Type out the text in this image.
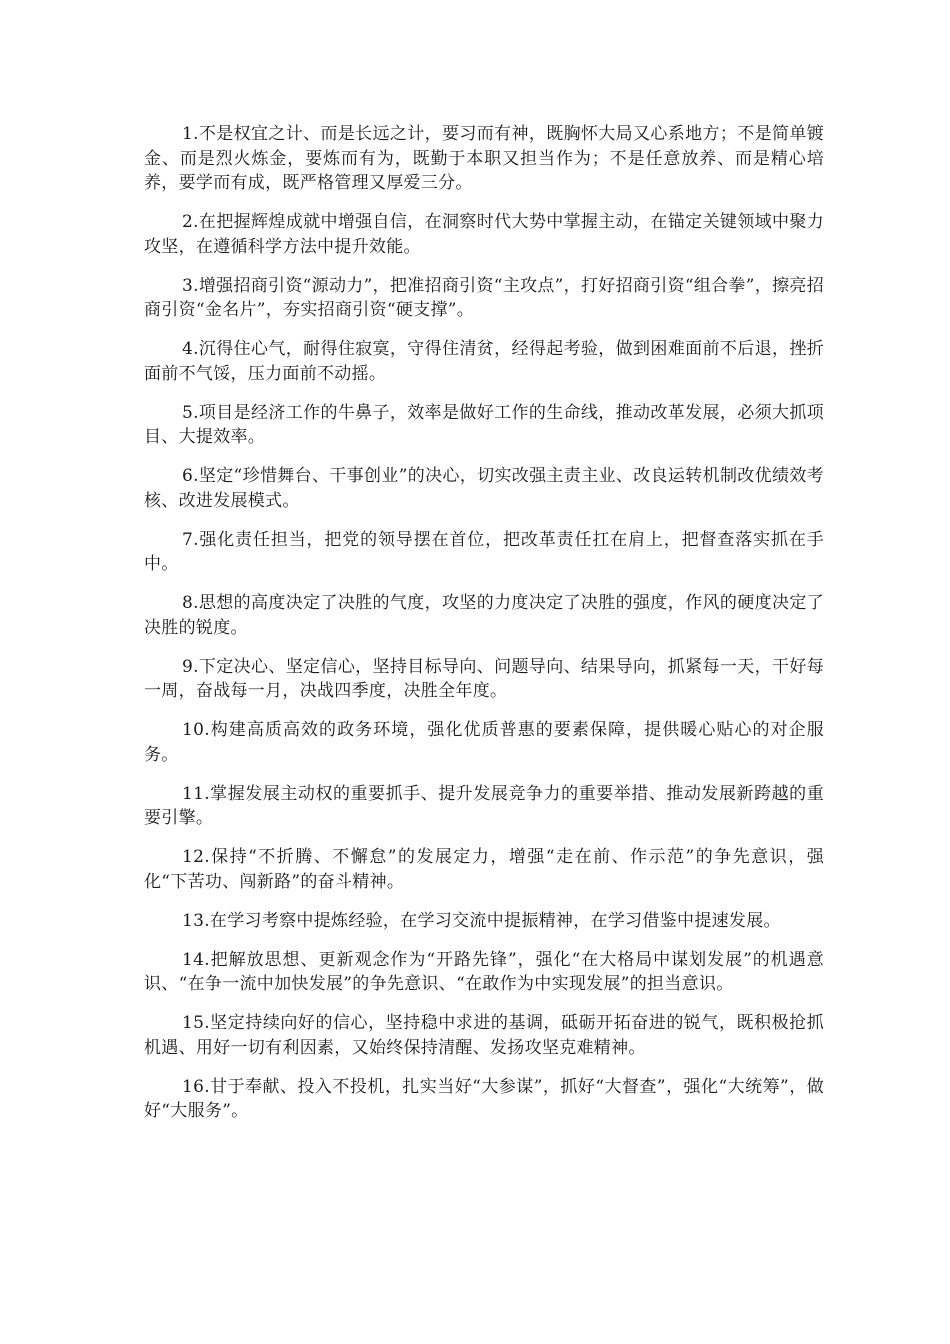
1.不是权宜之计、而是长远之计，要习而有神，既胸怀大局又心系地方；不是简单镀金、而是烈火炼金，要炼而有为，既勤于本职又担当作为；不是任意放养、而是精心培养，要学而有成，既严格管理又厚爱三分。

2.在把握辉煌成就中增强自信，在洞察时代大势中掌握主动，在锚定关键领域中聚力攻坚，在遵循科学方法中提升效能。

3.增强招商引资“源动力”，把准招商引资“主攻点”，打好招商引资“组合拳”，擦亮招商引资“金名片”，夯实招商引资“硬支撑”。

4.沉得住心气，耐得住寂寞，守得住清贫，经得起考验，做到困难面前不后退，挫折面前不气馁，压力面前不动摇。

5.项目是经济工作的牛鼻子，效率是做好工作的生命线，推动改革发展，必须大抓项目、大提效率。

6.坚定“珍惜舞台、干事创业”的决心，切实改强主责主业、改良运转机制改优绩效考核、改进发展模式。

7.强化责任担当，把党的领导摆在首位，把改革责任扛在肩上，把督查落实抓在手中。

8.思想的高度决定了决胜的气度，攻坚的力度决定了决胜的强度，作风的硬度决定了决胜的锐度。

9.下定决心、坚定信心，坚持目标导向、问题导向、结果导向，抓紧每一天，干好每一周，奋战每一月，决战四季度，决胜全年度。

10.构建高质高效的政务环境，强化优质普惠的要素保障，提供暖心贴心的对企服务。

11.掌握发展主动权的重要抓手、提升发展竞争力的重要举措、推动发展新跨越的重要引擎。

12.保持“不折腾、不懈怠”的发展定力，增强“走在前、作示范”的争先意识，强化“下苦功、闯新路”的奋斗精神。

13.在学习考察中提炼经验，在学习交流中提振精神，在学习借鉴中提速发展。

14.把解放思想、更新观念作为“开路先锋”，强化“在大格局中谋划发展”的机遇意识、“在争一流中加快发展”的争先意识、“在敢作为中实现发展”的担当意识。

15.坚定持续向好的信心，坚持稳中求进的基调，砥砺开拓奋进的锐气，既积极抢抓机遇、用好一切有利因素，又始终保持清醒、发扬攻坚克难精神。

16.甘于奉献、投入不投机，扎实当好“大参谋”，抓好“大督查”，强化“大统筹”，做好“大服务”。
